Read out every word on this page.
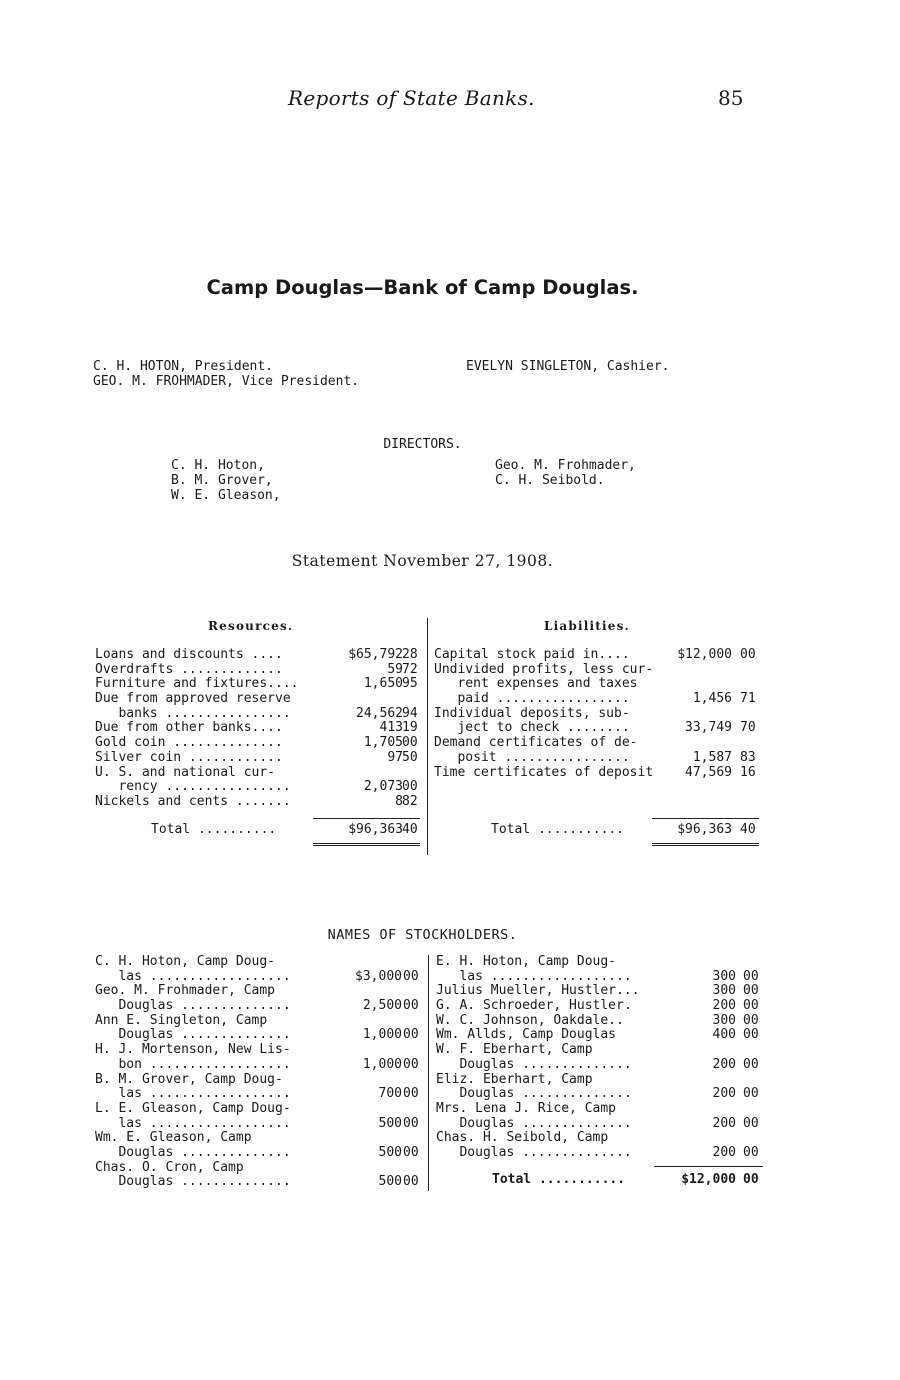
Reports of State Banks.	85
Camp Douglas—Bank of Camp Douglas.
C. H. HOTON, President.
GEO. M. FROHMADER, Vice President.
EVELYN SINGLETON, Cashier.
DIRECTORS.
C. H. Hoton,
B. M. Grover,
W. E. Gleason,
Geo. M. Frohmader,
C. H. Seibold.
Statement November 27, 1908.
Resources.	Liabilities.
Loans and discounts ....	$65,792 28
Overdrafts .............	59 72
Furniture and fixtures....	1,650 95
Due from approved reserve
banks ................	24,562 94
Due from other banks....	413 19
Gold coin ..............	1,705 00
Silver coin ............	97 50
U. S. and national cur-
rency ................	2,073 00
Nickels and cents .......	8 82
Total ..........	$96,363 40
Capital stock paid in....	$12,000 00
Undivided profits, less cur-
rent expenses and taxes
paid .................	1,456 71
Individual deposits, sub-
ject to check ........	33,749 70
Demand certificates of de-
posit ................	1,587 83
Time certificates of deposit 47,569 16
Total ...........	$96,363 40
NAMES OF STOCKHOLDERS.
C. H. Hoton, Camp Doug-
las ..................	$3,000 00
Geo. M. Frohmader, Camp
Douglas ..............	2,500 00
Ann E. Singleton, Camp
Douglas ..............	1,000 00
H. J. Mortenson, New Lis-
bon ..................	1,000 00
B. M. Grover, Camp Doug-
las ..................	700 00
L. E. Gleason, Camp Doug-
las ..................	500 00
Wm. E. Gleason, Camp
Douglas ..............	500 00
Chas. O. Cron, Camp
Douglas ..............	500 00
E. H. Hoton, Camp Doug-
las ..................	300 00
Julius Mueller, Hustler...	300 00
G. A. Schroeder, Hustler.	200 00
W. C. Johnson, Oakdale..	300 00
Wm. Allds, Camp Douglas	400 00
W. F. Eberhart, Camp
Douglas ..............	200 00
Eliz. Eberhart, Camp
Douglas ..............	200 00
Mrs. Lena J. Rice, Camp
Douglas ..............	200 00
Chas. H. Seibold, Camp
Douglas ..............	200 00
Total ...........	$12,000 00
